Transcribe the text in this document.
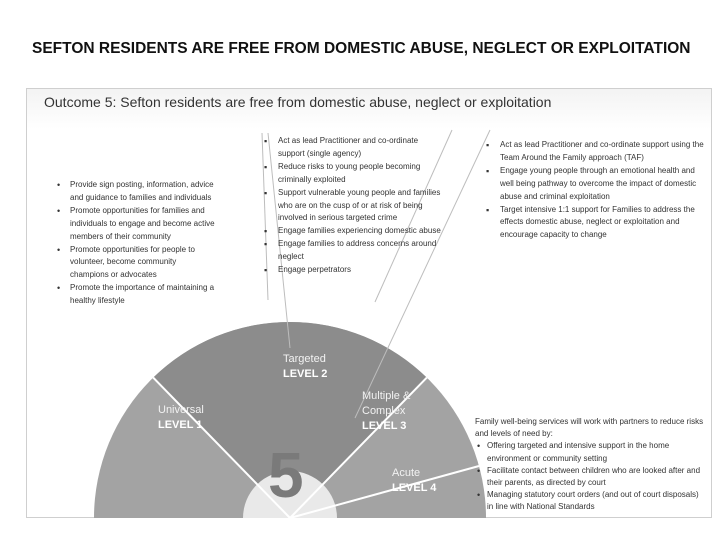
SEFTON RESIDENTS ARE FREE FROM DOMESTIC ABUSE, NEGLECT OR EXPLOITATION
Outcome 5: Sefton residents are free from domestic abuse, neglect or exploitation
• Provide sign posting, information, advice and guidance to families and individuals
• Promote opportunities for families and individuals to engage and become active members of their community
• Promote opportunities for people to volunteer, become community champions or advocates
• Promote the importance of maintaining a healthy lifestyle
▪ Act as lead Practitioner and co-ordinate support (single agency)
▪ Reduce risks to young people becoming criminally exploited
▪ Support vulnerable young people and families who are on the cusp of or at risk of being involved in serious targeted crime
▪ Engage families experiencing domestic abuse
▪ Engage families to address concerns around neglect
▪ Engage perpetrators
▪ Act as lead Practitioner and co-ordinate support using the Team Around the Family approach (TAF)
▪ Engage young people through an emotional health and well being pathway to overcome the impact of domestic abuse and criminal exploitation
▪ Target intensive 1:1 support for Families to address the effects domestic abuse, neglect or exploitation and encourage capacity to change
Targeted
LEVEL 2
Universal
LEVEL 1
Multiple & Complex
LEVEL 3
Acute
LEVEL 4
5

Family well-being services will work with partners to reduce risks and levels of need by:

• Offering targeted and intensive support in the home environment or community setting
• Facilitate contact between children who are looked after and their parents, as directed by court
• Managing statutory court orders (and out of court disposals) in line with National Standards
